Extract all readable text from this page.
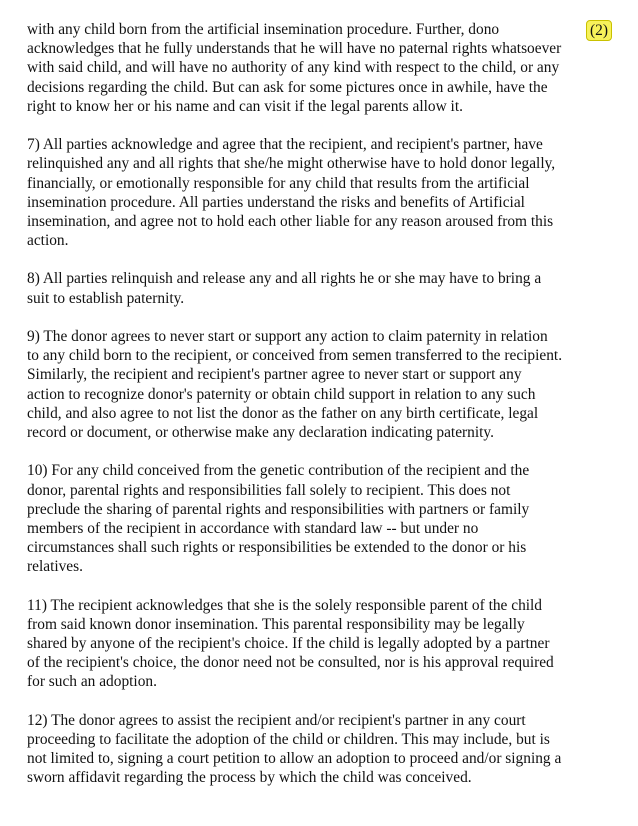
with any child born from the artificial insemination procedure. Further, dono
acknowledges that he fully understands that he will have no paternal rights whatsoever
with said child, and will have no authority of any kind with respect to the child, or any
decisions regarding the child. But can ask for some pictures once in awhile, have the
right to know her or his name and can visit if the legal parents allow it.
7) All parties acknowledge and agree that the recipient, and recipient's partner, have
relinquished any and all rights that she/he might otherwise have to hold donor legally,
financially, or emotionally responsible for any child that results from the artificial
insemination procedure. All parties understand the risks and benefits of Artificial
insemination, and agree not to hold each other liable for any reason aroused from this
action.
8) All parties relinquish and release any and all rights he or she may have to bring a
suit to establish paternity.
9) The donor agrees to never start or support any action to claim paternity in relation
to any child born to the recipient, or conceived from semen transferred to the recipient.
Similarly, the recipient and recipient's partner agree to never start or support any
action to recognize donor's paternity or obtain child support in relation to any such
child, and also agree to not list the donor as the father on any birth certificate, legal
record or document, or otherwise make any declaration indicating paternity.
10) For any child conceived from the genetic contribution of the recipient and the
donor, parental rights and responsibilities fall solely to recipient. This does not
preclude the sharing of parental rights and responsibilities with partners or family
members of the recipient in accordance with standard law -- but under no
circumstances shall such rights or responsibilities be extended to the donor or his
relatives.
11) The recipient acknowledges that she is the solely responsible parent of the child
from said known donor insemination. This parental responsibility may be legally
shared by anyone of the recipient's choice. If the child is legally adopted by a partner
of the recipient's choice, the donor need not be consulted, nor is his approval required
for such an adoption.
12) The donor agrees to assist the recipient and/or recipient's partner in any court
proceeding to facilitate the adoption of the child or children. This may include, but is
not limited to, signing a court petition to allow an adoption to proceed and/or signing a
sworn affidavit regarding the process by which the child was conceived.
(2)
